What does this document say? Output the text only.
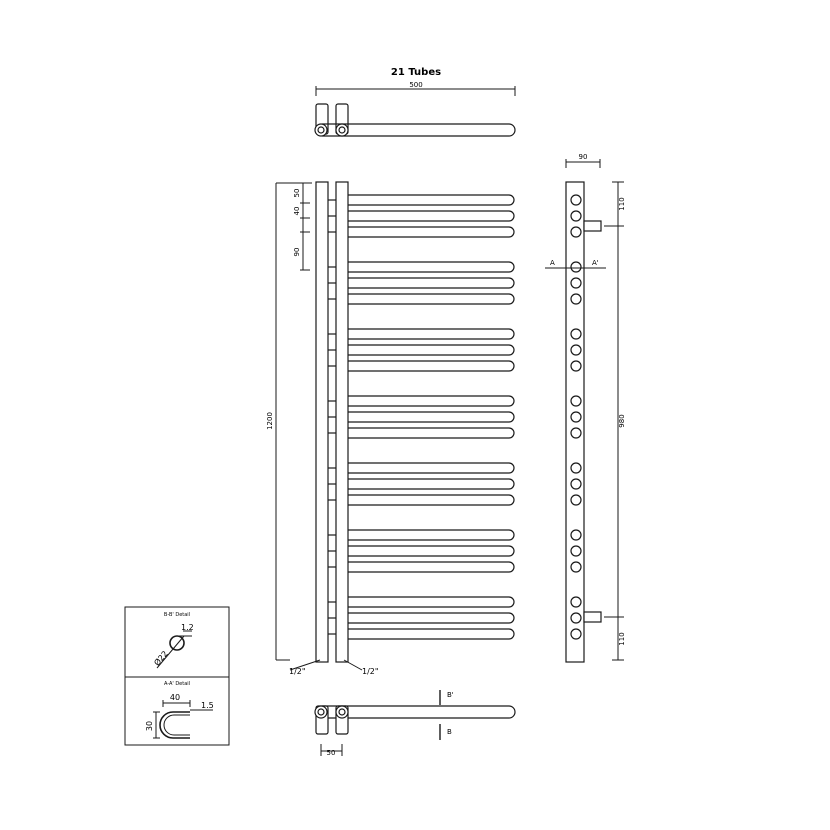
21 Tubes
500
1200
50
40
90
1/2"	1/2"
90
A	A'
110
980
110
50
B'
B
B-B' Detail
1.2
Ø22
A-A' Detail
40
1.5
30
